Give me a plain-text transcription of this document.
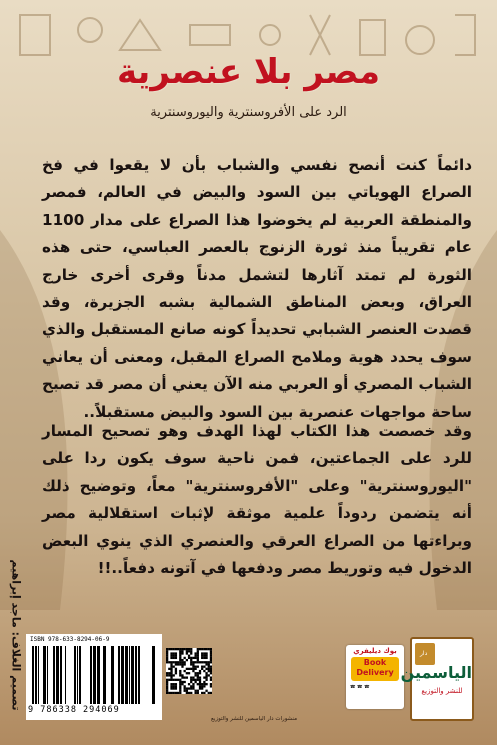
مصر بلا عنصرية
الرد على الأفروسنترية واليوروسنترية
دائماً كنت أنصح نفسي والشباب بأن لا يقعوا في فخ الصراع الهوياتي بين السود والبيض في العالم، فمصر والمنطقة العربية لم يخوضوا هذا الصراع على مدار 1100 عام تقريباً منذ ثورة الزنوج بالعصر العباسي، حتى هذه الثورة لم تمتد آثارها لتشمل مدناً وقرى أخرى خارج العراق، وبعض المناطق الشمالية بشبه الجزيرة، وقد قصدت العنصر الشبابي تحديداً كونه صانع المستقبل والذي سوف يحدد هوية وملامح الصراع المقبل، ومعنى أن يعاني الشباب المصري أو العربي منه الآن يعني أن مصر قد تصبح ساحة مواجهات عنصرية بين السود والبيض مستقبلاً..
وقد خصصت هذا الكتاب لهذا الهدف وهو تصحيح المسار للرد على الجماعتين، فمن ناحية سوف يكون ردا على "اليوروسنترية" وعلى "الأفروسنترية" معاً، وتوضيح ذلك أنه يتضمن ردوداً علمية موثقة لإثبات استقلالية مصر وبراءتها من الصراع العرقي والعنصري الذي ينوي البعض الدخول فيه وتوريط مصر ودفعها في آتونه دفعاً..!!
تصميم الغلاف: ماجد إبراهيم ISBN 978-633-8294-06-9
9 786338 294069
منشورات دار الياسمين للنشر والتوزيع
بوك ديليفري
Book
Delivery
☎ ☎ ☎
دار
الياسمين
للنشر والتوزيع
